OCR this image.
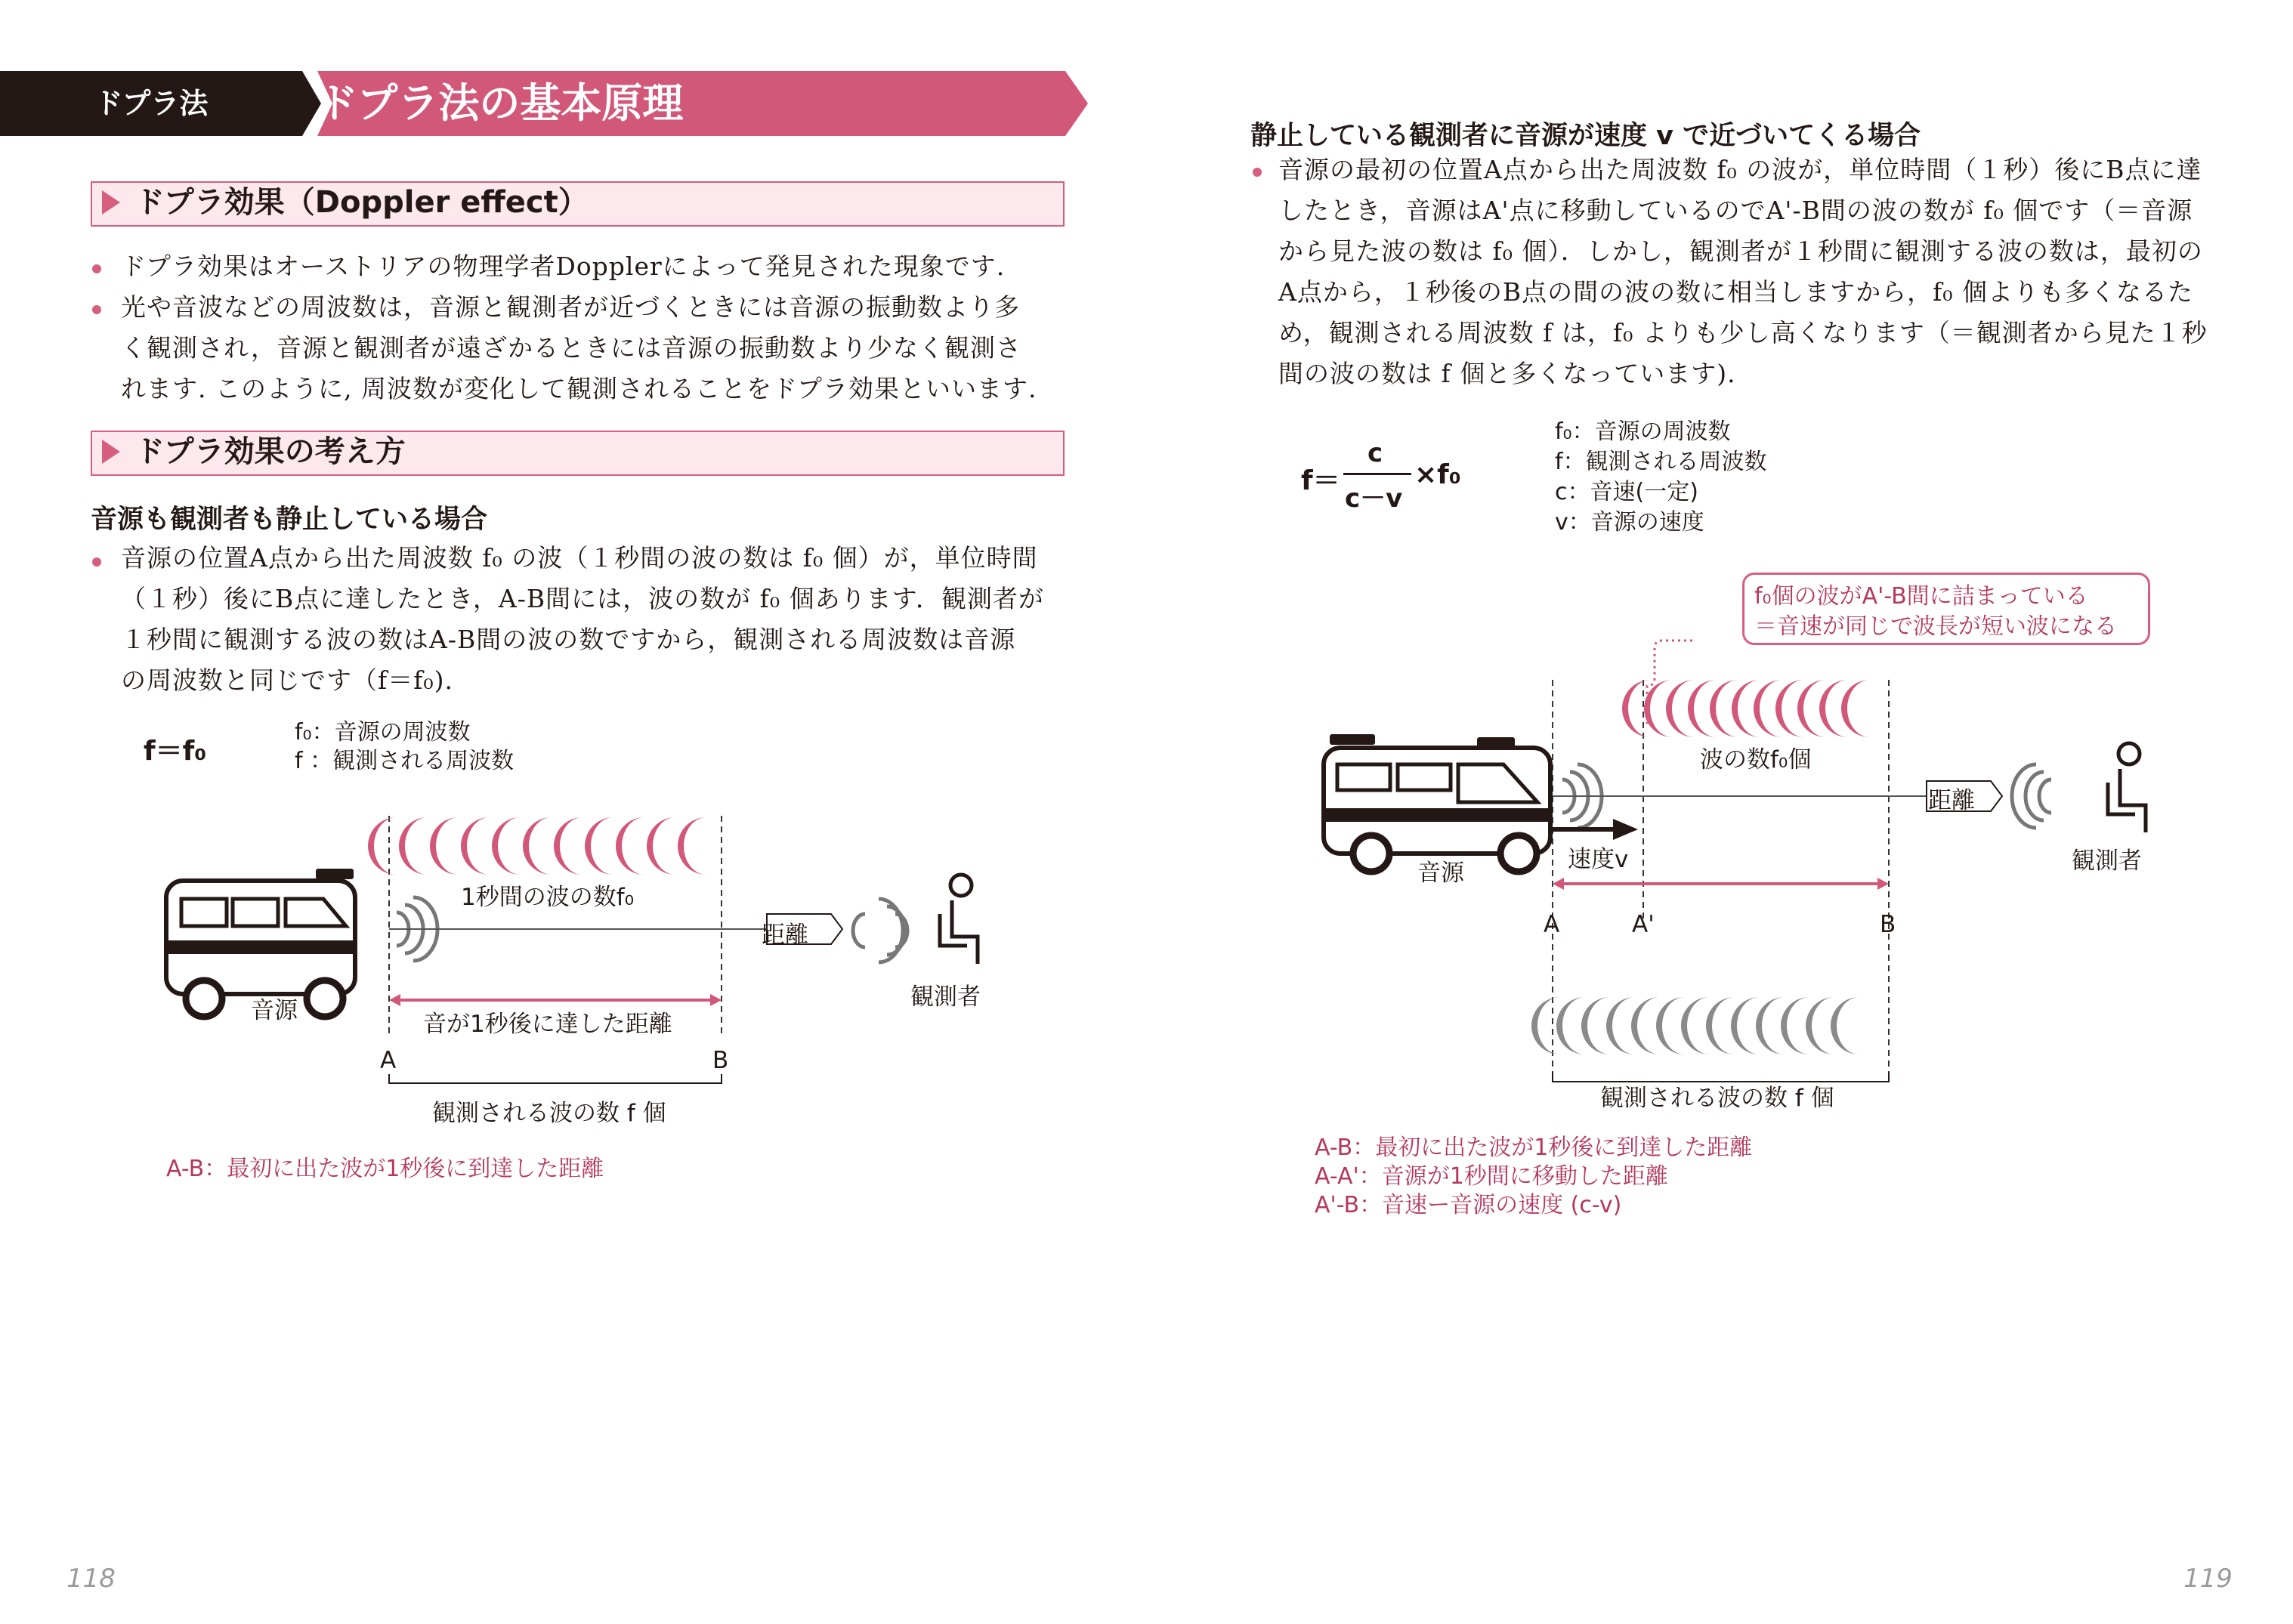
ドプラ法	ドプラ法の基本原理
ドプラ効果（Doppler effect）
ドプラ効果はオーストリアの物理学者Dopplerによって発見された現象です.
光や音波などの周波数は，音源と観測者が近づくときには音源の振動数より多
く観測され，音源と観測者が遠ざかるときには音源の振動数より少なく観測さ
れます. このように, 周波数が変化して観測されることをドプラ効果といいます.
ドプラ効果の考え方
音源も観測者も静止している場合
音源の位置A点から出た周波数 f₀ の波（１秒間の波の数は f₀ 個）が，単位時間
（１秒）後にB点に達したとき，A-B間には，波の数が f₀ 個あります．観測者が
１秒間に観測する波の数はA-B間の波の数ですから，観測される周波数は音源
の周波数と同じです（f＝f₀).
f＝f₀
f₀：音源の周波数
f ：観測される周波数
1秒間の波の数f₀
距離
音源	観測者
音が1秒後に達した距離
A	B
観測される波の数 f 個
A-B：最初に出た波が1秒後に到達した距離
118
静止している観測者に音源が速度 v で近づいてくる場合
音源の最初の位置A点から出た周波数 f₀ の波が，単位時間（１秒）後にB点に達
したとき，音源はA'点に移動しているのでA'-B間の波の数が f₀ 個です（＝音源
から見た波の数は f₀ 個）．しかし，観測者が１秒間に観測する波の数は，最初の
A点から，１秒後のB点の間の波の数に相当しますから，f₀ 個よりも多くなるた
め，観測される周波数 f は，f₀ よりも少し高くなります（＝観測者から見た１秒
間の波の数は f 個と多くなっています).
f＝
c
c－v
×f₀
f₀：音源の周波数
f：観測される周波数
c：音速(一定)
v：音源の速度
f₀個の波がA'-B間に詰まっている
＝音速が同じで波長が短い波になる
波の数f₀個
距離
速度v
音源	観測者
A	A'	B
観測される波の数 f 個
A-B：最初に出た波が1秒後に到達した距離
A-A'：音源が1秒間に移動した距離
A'-B：音速ー音源の速度 (c-v)
119
